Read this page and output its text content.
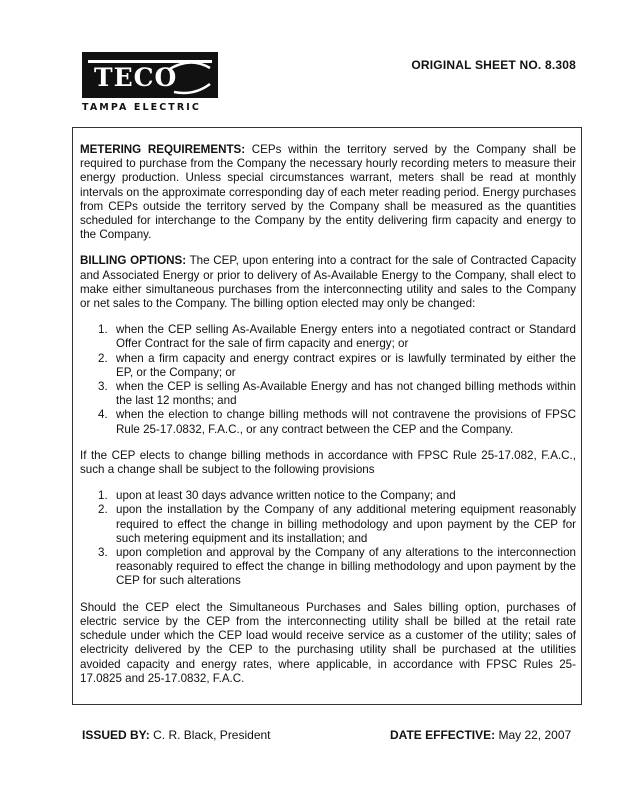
TECO
TAMPA ELECTRIC
ORIGINAL SHEET NO. 8.308

METERING REQUIREMENTS: CEPs within the territory served by the Company shall be required to purchase from the Company the necessary hourly recording meters to measure their energy production. Unless special circumstances warrant, meters shall be read at monthly intervals on the approximate corresponding day of each meter reading period. Energy purchases from CEPs outside the territory served by the Company shall be measured as the quantities scheduled for interchange to the Company by the entity delivering firm capacity and energy to the Company.

BILLING OPTIONS: The CEP, upon entering into a contract for the sale of Contracted Capacity and Associated Energy or prior to delivery of As-Available Energy to the Company, shall elect to make either simultaneous purchases from the interconnecting utility and sales to the Company or net sales to the Company. The billing option elected may only be changed:

1. when the CEP selling As-Available Energy enters into a negotiated contract or Standard Offer Contract for the sale of firm capacity and energy; or
2. when a firm capacity and energy contract expires or is lawfully terminated by either the EP, or the Company; or
3. when the CEP is selling As-Available Energy and has not changed billing methods within the last 12 months; and
4. when the election to change billing methods will not contravene the provisions of FPSC Rule 25-17.0832, F.A.C., or any contract between the CEP and the Company.

If the CEP elects to change billing methods in accordance with FPSC Rule 25-17.082, F.A.C., such a change shall be subject to the following provisions

1. upon at least 30 days advance written notice to the Company; and
2. upon the installation by the Company of any additional metering equipment reasonably required to effect the change in billing methodology and upon payment by the CEP for such metering equipment and its installation; and
3. upon completion and approval by the Company of any alterations to the interconnection reasonably required to effect the change in billing methodology and upon payment by the CEP for such alterations

Should the CEP elect the Simultaneous Purchases and Sales billing option, purchases of electric service by the CEP from the interconnecting utility shall be billed at the retail rate schedule under which the CEP load would receive service as a customer of the utility; sales of electricity delivered by the CEP to the purchasing utility shall be purchased at the utilities avoided capacity and energy rates, where applicable, in accordance with FPSC Rules 25-17.0825 and 25-17.0832, F.A.C.

ISSUED BY: C. R. Black, President	DATE EFFECTIVE: May 22, 2007
